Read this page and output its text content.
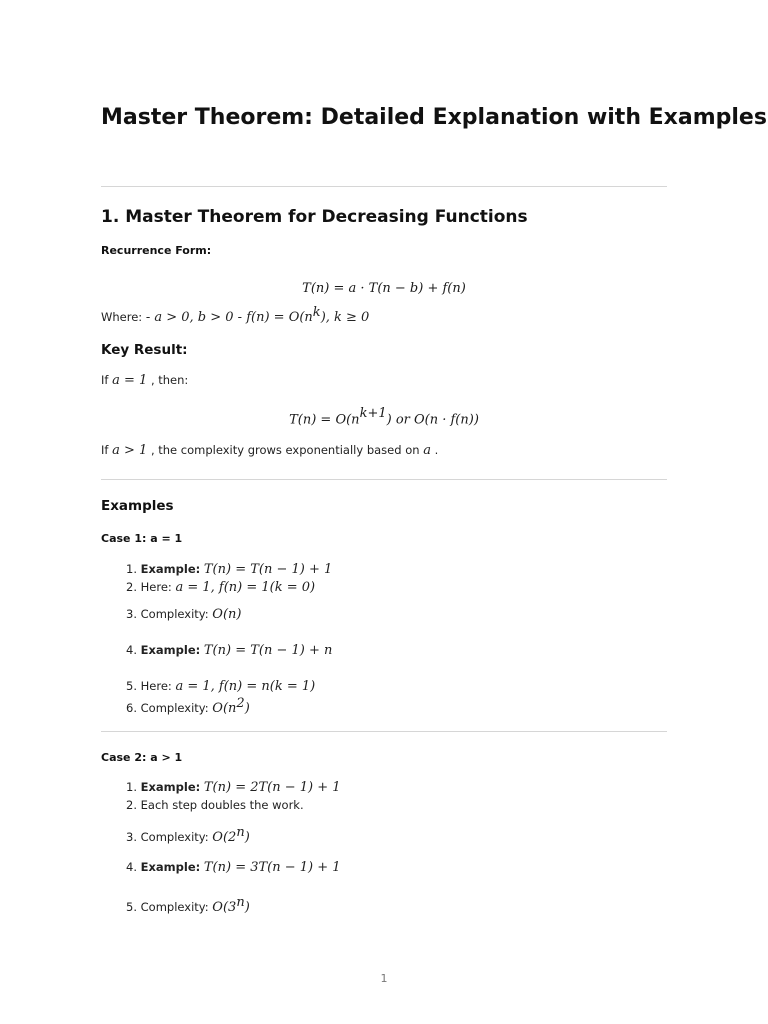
Master Theorem: Detailed Explanation with Examples
1. Master Theorem for Decreasing Functions
Recurrence Form:
T(n) = a · T(n − b) + f(n)
Where: - a > 0, $b > 0 - f(n) = O(n^k)$, k ≥ 0
Key Result:
If a = 1 , then:
$T(n) = O(n^{k+1})$ or O(n · f(n))
If a > 1 , the complexity grows exponentially based on a .
Examples
Case 1: a = 1
1. Example: T(n) = T(n − 1) + 1
2. Here: a = 1, f(n) = 1(k = 0)
3. Complexity: O(n)
4. Example: T(n) = T(n − 1) + n
5. Here: a = 1, f(n) = n(k = 1)
6. Complexity: $O(n^2)$
Case 2: a > 1
1. Example: T(n) = 2T(n − 1) + 1
2. Each step doubles the work.
3. Complexity: O(2$^n$)
4. Example: T(n) = 3T(n − 1) + 1
5. Complexity: O(3$^n$)
1
